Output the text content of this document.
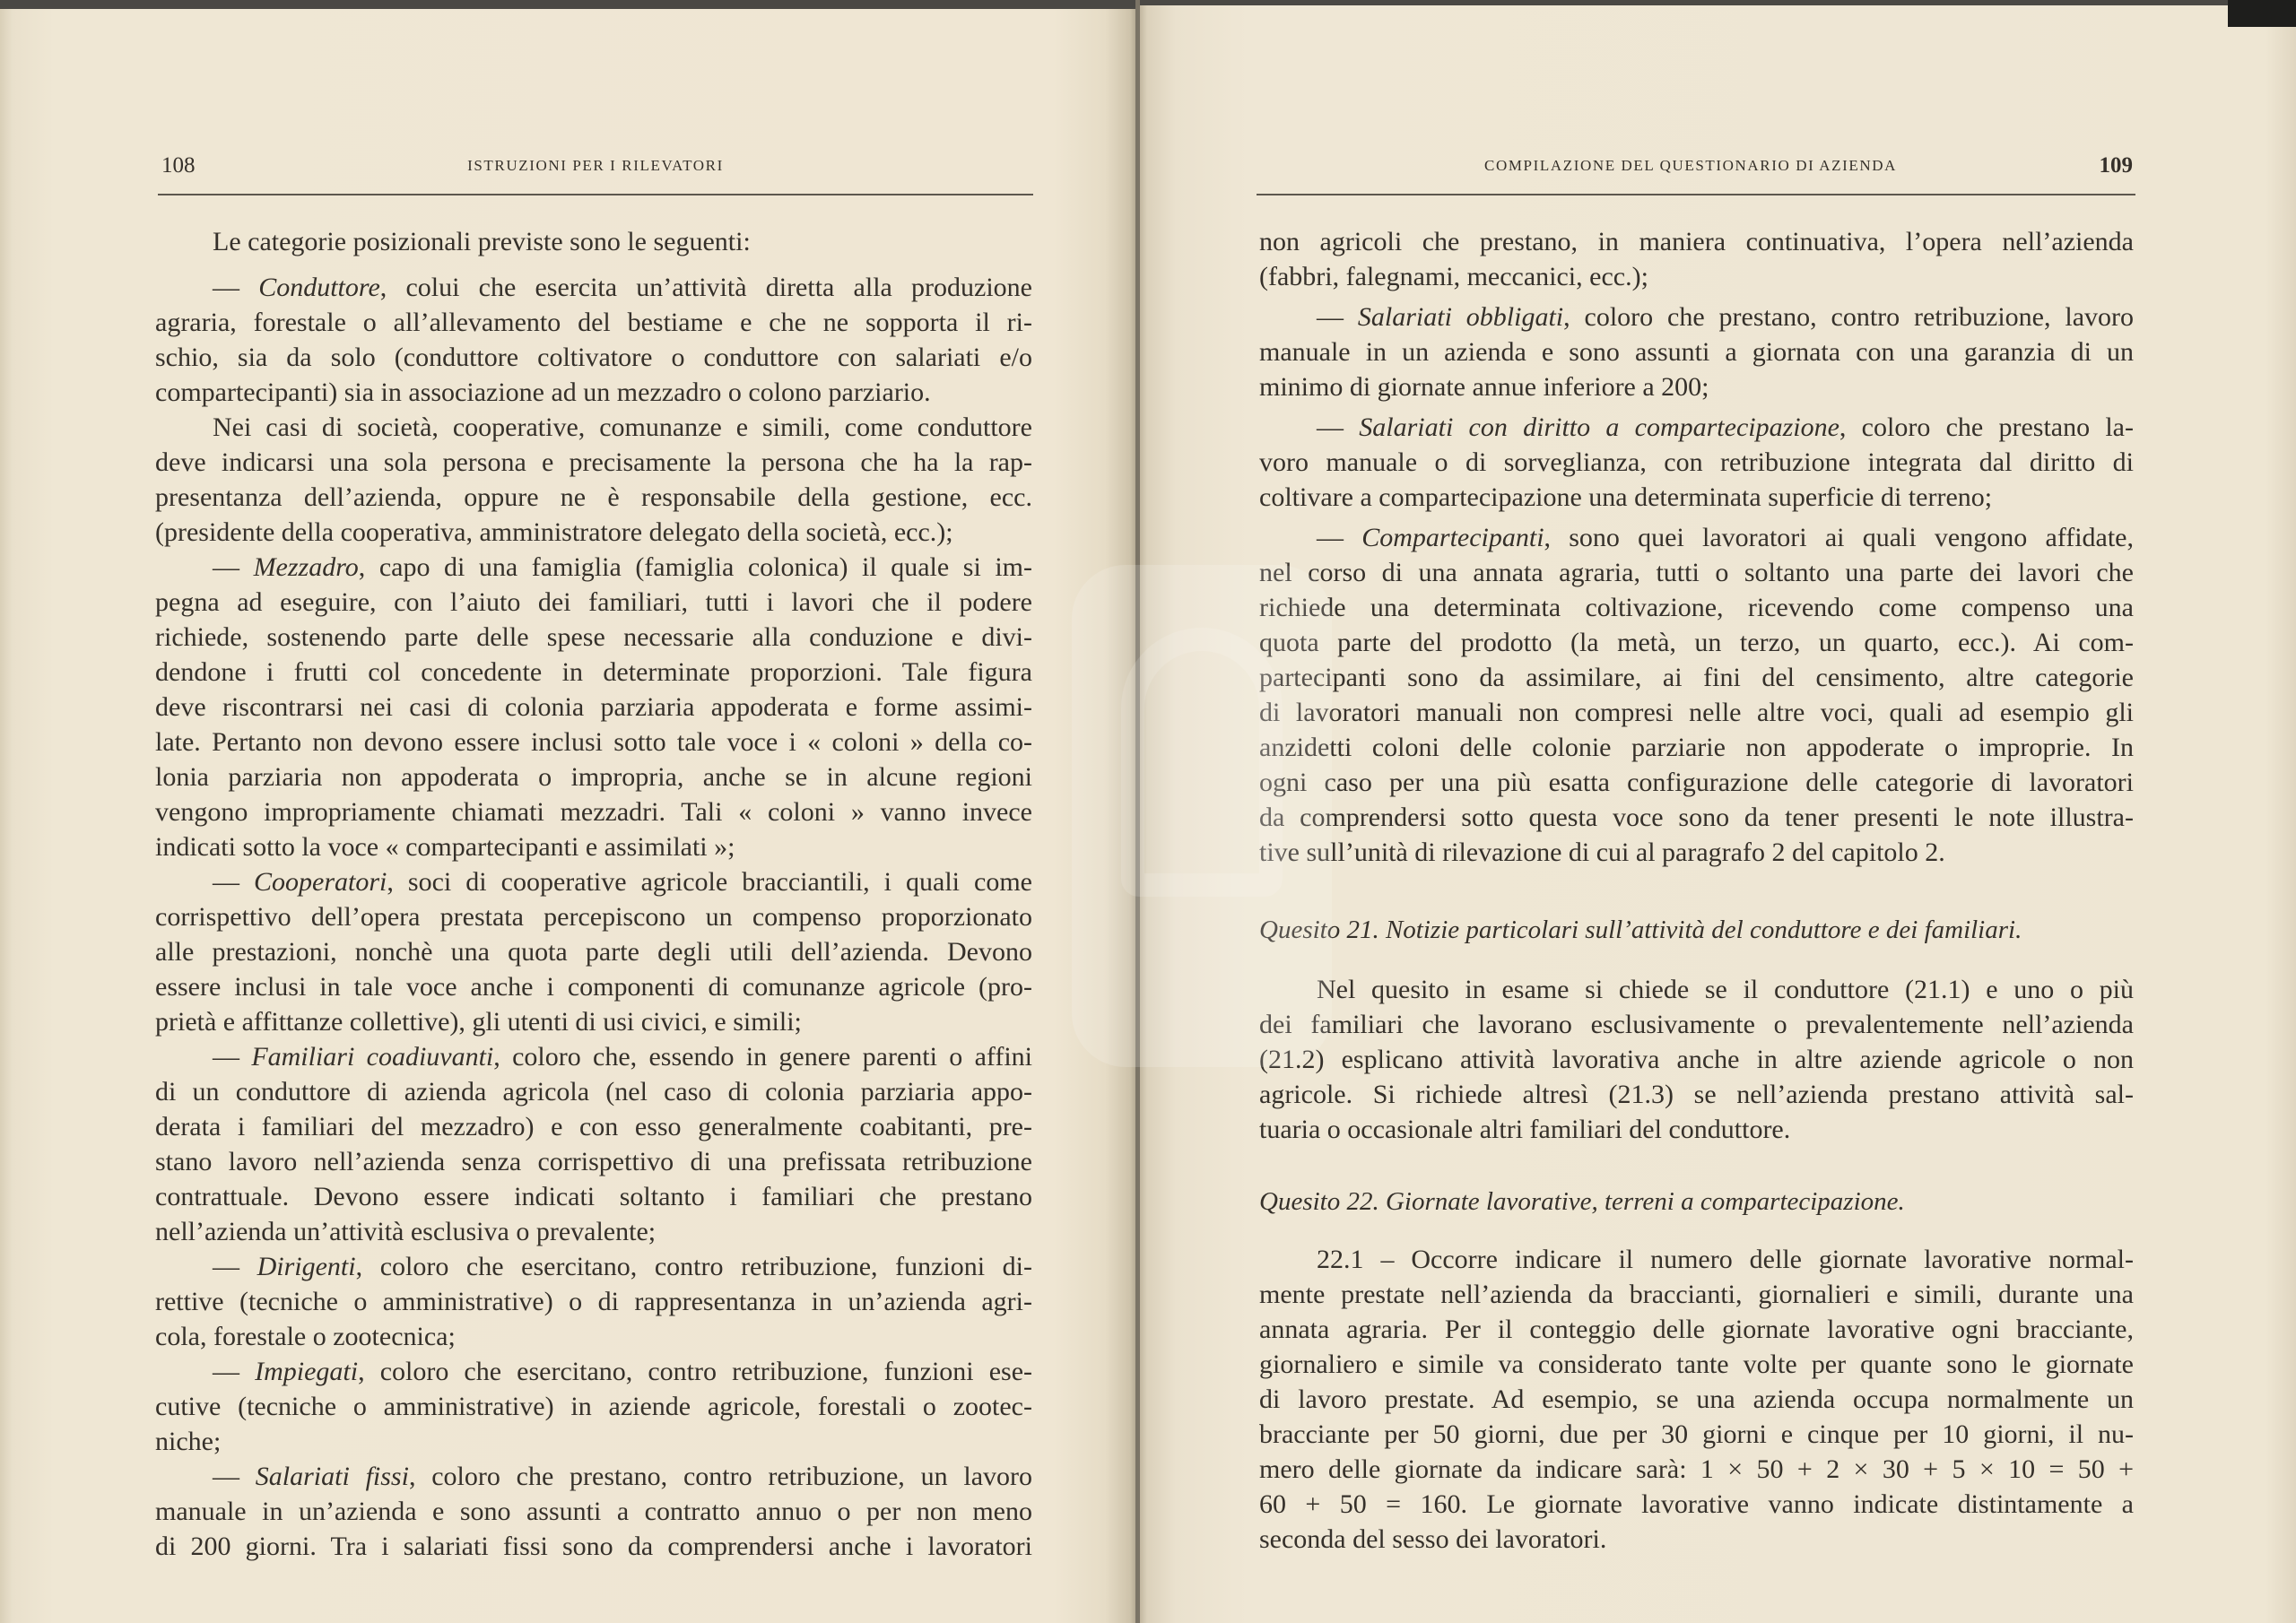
108	ISTRUZIONI PER I RILEVATORI	COMPILAZIONE DEL QUESTIONARIO DI AZIENDA	109
Le categorie posizionali previste sono le seguenti:
— Conduttore, colui che esercita un’attività diretta alla produzione
agraria, forestale o all’allevamento del bestiame e che ne sopporta il ri-
schio, sia da solo (conduttore coltivatore o conduttore con salariati e/o
compartecipanti) sia in associazione ad un mezzadro o colono parziario.
Nei casi di società, cooperative, comunanze e simili, come conduttore
deve indicarsi una sola persona e precisamente la persona che ha la rap-
presentanza dell’azienda, oppure ne è responsabile della gestione, ecc.
(presidente della cooperativa, amministratore delegato della società, ecc.);
— Mezzadro, capo di una famiglia (famiglia colonica) il quale si im-
pegna ad eseguire, con l’aiuto dei familiari, tutti i lavori che il podere
richiede, sostenendo parte delle spese necessarie alla conduzione e divi-
dendone i frutti col concedente in determinate proporzioni. Tale figura
deve riscontrarsi nei casi di colonia parziaria appoderata e forme assimi-
late. Pertanto non devono essere inclusi sotto tale voce i « coloni » della co-
lonia parziaria non appoderata o impropria, anche se in alcune regioni
vengono impropriamente chiamati mezzadri. Tali « coloni » vanno invece
indicati sotto la voce « compartecipanti e assimilati »;
— Cooperatori, soci di cooperative agricole bracciantili, i quali come
corrispettivo dell’opera prestata percepiscono un compenso proporzionato
alle prestazioni, nonchè una quota parte degli utili dell’azienda. Devono
essere inclusi in tale voce anche i componenti di comunanze agricole (pro-
prietà e affittanze collettive), gli utenti di usi civici, e simili;
— Familiari coadiuvanti, coloro che, essendo in genere parenti o affini
di un conduttore di azienda agricola (nel caso di colonia parziaria appo-
derata i familiari del mezzadro) e con esso generalmente coabitanti, pre-
stano lavoro nell’azienda senza corrispettivo di una prefissata retribuzione
contrattuale. Devono essere indicati soltanto i familiari che prestano
nell’azienda un’attività esclusiva o prevalente;
— Dirigenti, coloro che esercitano, contro retribuzione, funzioni di-
rettive (tecniche o amministrative) o di rappresentanza in un’azienda agri-
cola, forestale o zootecnica;
— Impiegati, coloro che esercitano, contro retribuzione, funzioni ese-
cutive (tecniche o amministrative) in aziende agricole, forestali o zootec-
niche;
— Salariati fissi, coloro che prestano, contro retribuzione, un lavoro
manuale in un’azienda e sono assunti a contratto annuo o per non meno
di 200 giorni. Tra i salariati fissi sono da comprendersi anche i lavoratori
non agricoli che prestano, in maniera continuativa, l’opera nell’azienda
(fabbri, falegnami, meccanici, ecc.);
— Salariati obbligati, coloro che prestano, contro retribuzione, lavoro
manuale in un azienda e sono assunti a giornata con una garanzia di un
minimo di giornate annue inferiore a 200;
— Salariati con diritto a compartecipazione, coloro che prestano la-
voro manuale o di sorveglianza, con retribuzione integrata dal diritto di
coltivare a compartecipazione una determinata superficie di terreno;
— Compartecipanti, sono quei lavoratori ai quali vengono affidate,
nel corso di una annata agraria, tutti o soltanto una parte dei lavori che
richiede una determinata coltivazione, ricevendo come compenso una
quota parte del prodotto (la metà, un terzo, un quarto, ecc.). Ai com-
partecipanti sono da assimilare, ai fini del censimento, altre categorie
di lavoratori manuali non compresi nelle altre voci, quali ad esempio gli
anzidetti coloni delle colonie parziarie non appoderate o improprie. In
ogni caso per una più esatta configurazione delle categorie di lavoratori
da comprendersi sotto questa voce sono da tener presenti le note illustra-
tive sull’unità di rilevazione di cui al paragrafo 2 del capitolo 2.
Quesito 21. Notizie particolari sull’attività del conduttore e dei familiari.
Nel quesito in esame si chiede se il conduttore (21.1) e uno o più
dei familiari che lavorano esclusivamente o prevalentemente nell’azienda
(21.2) esplicano attività lavorativa anche in altre aziende agricole o non
agricole. Si richiede altresì (21.3) se nell’azienda prestano attività sal-
tuaria o occasionale altri familiari del conduttore.
Quesito 22. Giornate lavorative, terreni a compartecipazione.
22.1 – Occorre indicare il numero delle giornate lavorative normal-
mente prestate nell’azienda da braccianti, giornalieri e simili, durante una
annata agraria. Per il conteggio delle giornate lavorative ogni bracciante,
giornaliero e simile va considerato tante volte per quante sono le giornate
di lavoro prestate. Ad esempio, se una azienda occupa normalmente un
bracciante per 50 giorni, due per 30 giorni e cinque per 10 giorni, il nu-
mero delle giornate da indicare sarà: 1 × 50 + 2 × 30 + 5 × 10 = 50 +
60 + 50 = 160. Le giornate lavorative vanno indicate distintamente a
seconda del sesso dei lavoratori.
